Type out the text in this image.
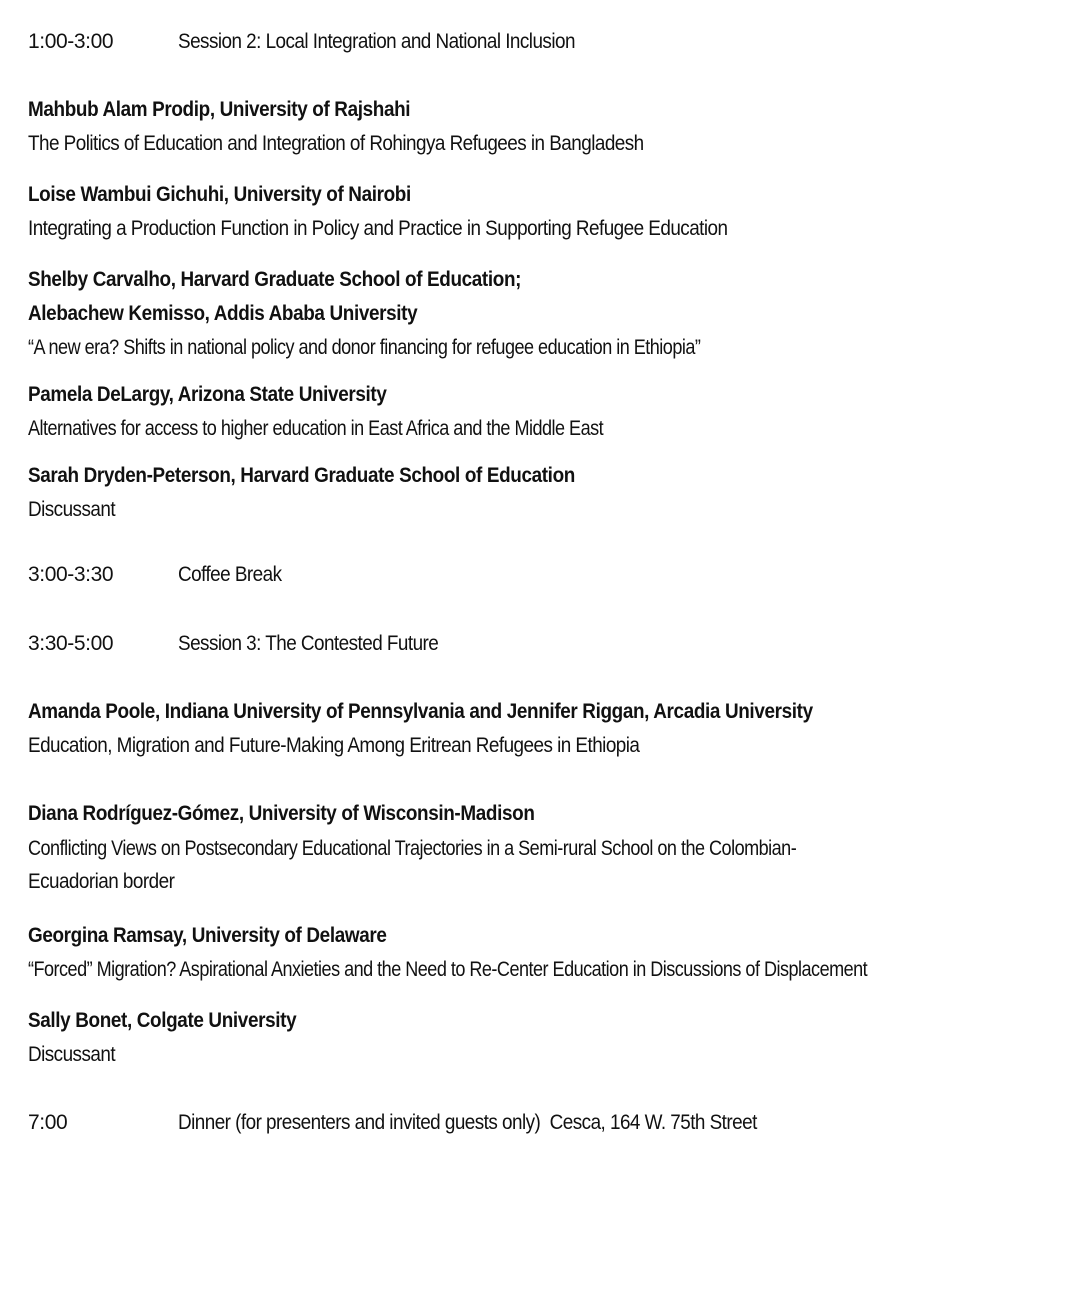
1:00-3:00	Session 2: Local Integration and National Inclusion
Mahbub Alam Prodip, University of Rajshahi
The Politics of Education and Integration of Rohingya Refugees in Bangladesh
Loise Wambui Gichuhi, University of Nairobi
Integrating a Production Function in Policy and Practice in Supporting Refugee Education
Shelby Carvalho, Harvard Graduate School of Education;
Alebachew Kemisso, Addis Ababa University
“A new era? Shifts in national policy and donor financing for refugee education in Ethiopia”
Pamela DeLargy, Arizona State University
Alternatives for access to higher education in East Africa and the Middle East
Sarah Dryden-Peterson, Harvard Graduate School of Education
Discussant
3:00-3:30	Coffee Break
3:30-5:00	Session 3: The Contested Future
Amanda Poole, Indiana University of Pennsylvania and Jennifer Riggan, Arcadia University
Education, Migration and Future-Making Among Eritrean Refugees in Ethiopia
Diana Rodríguez-Gómez, University of Wisconsin-Madison
Conflicting Views on Postsecondary Educational Trajectories in a Semi-rural School on the Colombian-
Ecuadorian border
Georgina Ramsay, University of Delaware
“Forced” Migration? Aspirational Anxieties and the Need to Re-Center Education in Discussions of Displacement
Sally Bonet, Colgate University
Discussant
7:00	Dinner (for presenters and invited guests only)  Cesca, 164 W. 75th Street
